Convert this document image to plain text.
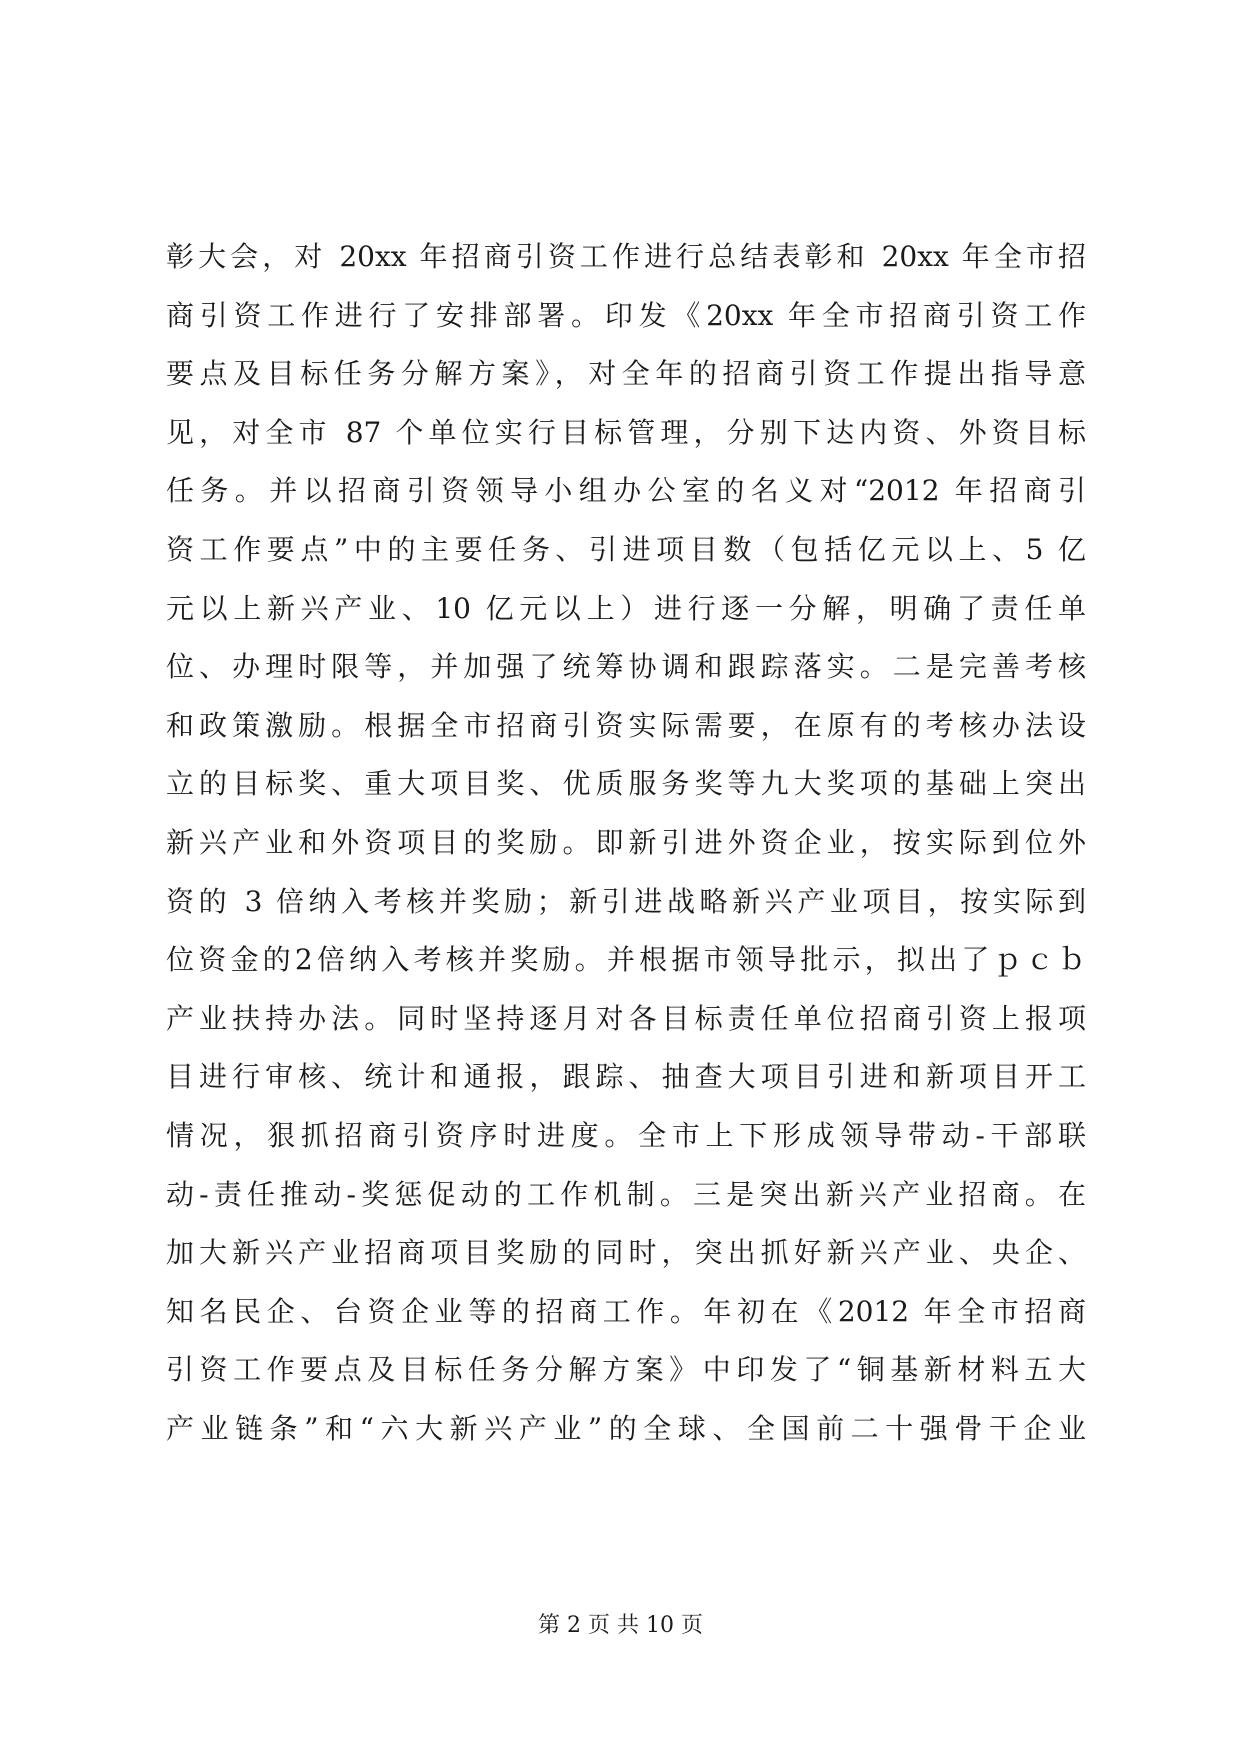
彰大会，对 20xx 年招商引资工作进行总结表彰和 20xx 年全市招
商引资工作进行了安排部署。印发《20xx 年全市招商引资工作
要点及目标任务分解方案》，对全年的招商引资工作提出指导意
见，对全市 87 个单位实行目标管理，分别下达内资、外资目标
任务。并以招商引资领导小组办公室的名义对“2012 年招商引
资工作要点”中的主要任务、引进项目数（包括亿元以上、5 亿
元以上新兴产业、10 亿元以上）进行逐一分解，明确了责任单
位、办理时限等，并加强了统筹协调和跟踪落实。二是完善考核
和政策激励。根据全市招商引资实际需要，在原有的考核办法设
立的目标奖、重大项目奖、优质服务奖等九大奖项的基础上突出
新兴产业和外资项目的奖励。即新引进外资企业，按实际到位外
资的 3 倍纳入考核并奖励；新引进战略新兴产业项目，按实际到
位资金的2倍纳入考核并奖励。并根据市领导批示，拟出了ｐｃｂ
产业扶持办法。同时坚持逐月对各目标责任单位招商引资上报项
目进行审核、统计和通报，跟踪、抽查大项目引进和新项目开工
情况，狠抓招商引资序时进度。全市上下形成领导带动-干部联
动-责任推动-奖惩促动的工作机制。三是突出新兴产业招商。在
加大新兴产业招商项目奖励的同时，突出抓好新兴产业、央企、
知名民企、台资企业等的招商工作。年初在《2012 年全市招商
引资工作要点及目标任务分解方案》中印发了“铜基新材料五大
产业链条”和“六大新兴产业”的全球、全国前二十强骨干企业
第 2 页 共 10 页
